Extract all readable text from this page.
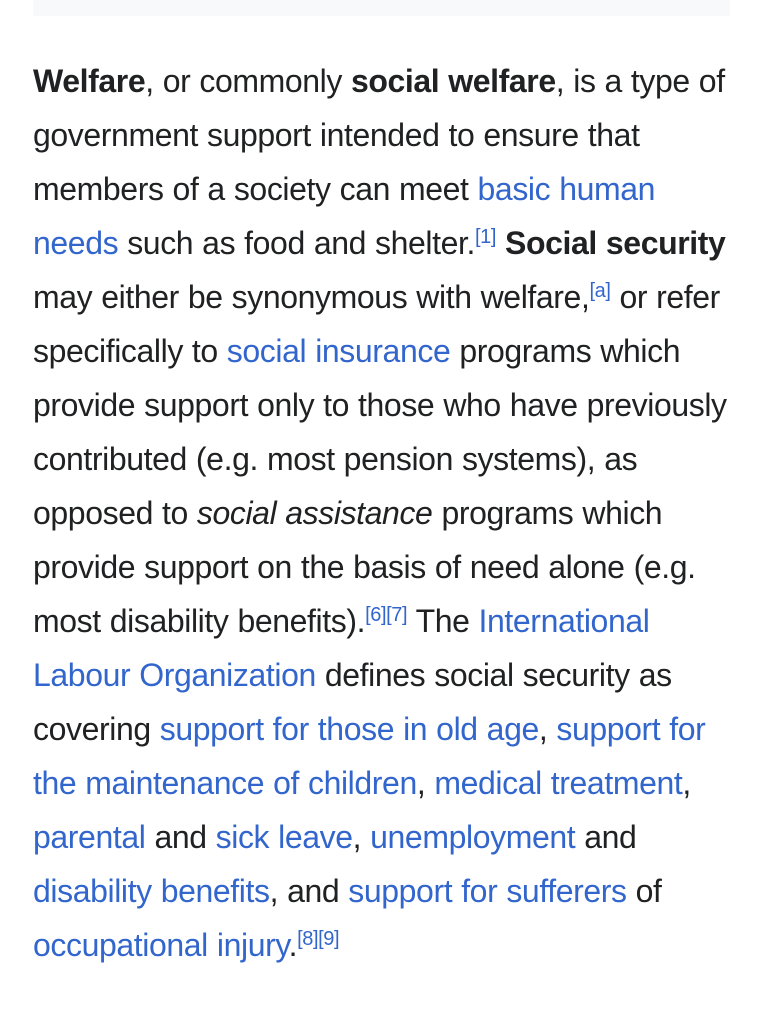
Welfare, or commonly social welfare, is a type of government support intended to ensure that members of a society can meet basic human needs such as food and shelter.[1] Social security may either be synonymous with welfare,[a] or refer specifically to social insurance programs which provide support only to those who have previously contributed (e.g. most pension systems), as opposed to social assistance programs which provide support on the basis of need alone (e.g. most disability benefits).[6][7] The International Labour Organization defines social security as covering support for those in old age, support for the maintenance of children, medical treatment, parental and sick leave, unemployment and disability benefits, and support for sufferers of occupational injury.[8][9]
